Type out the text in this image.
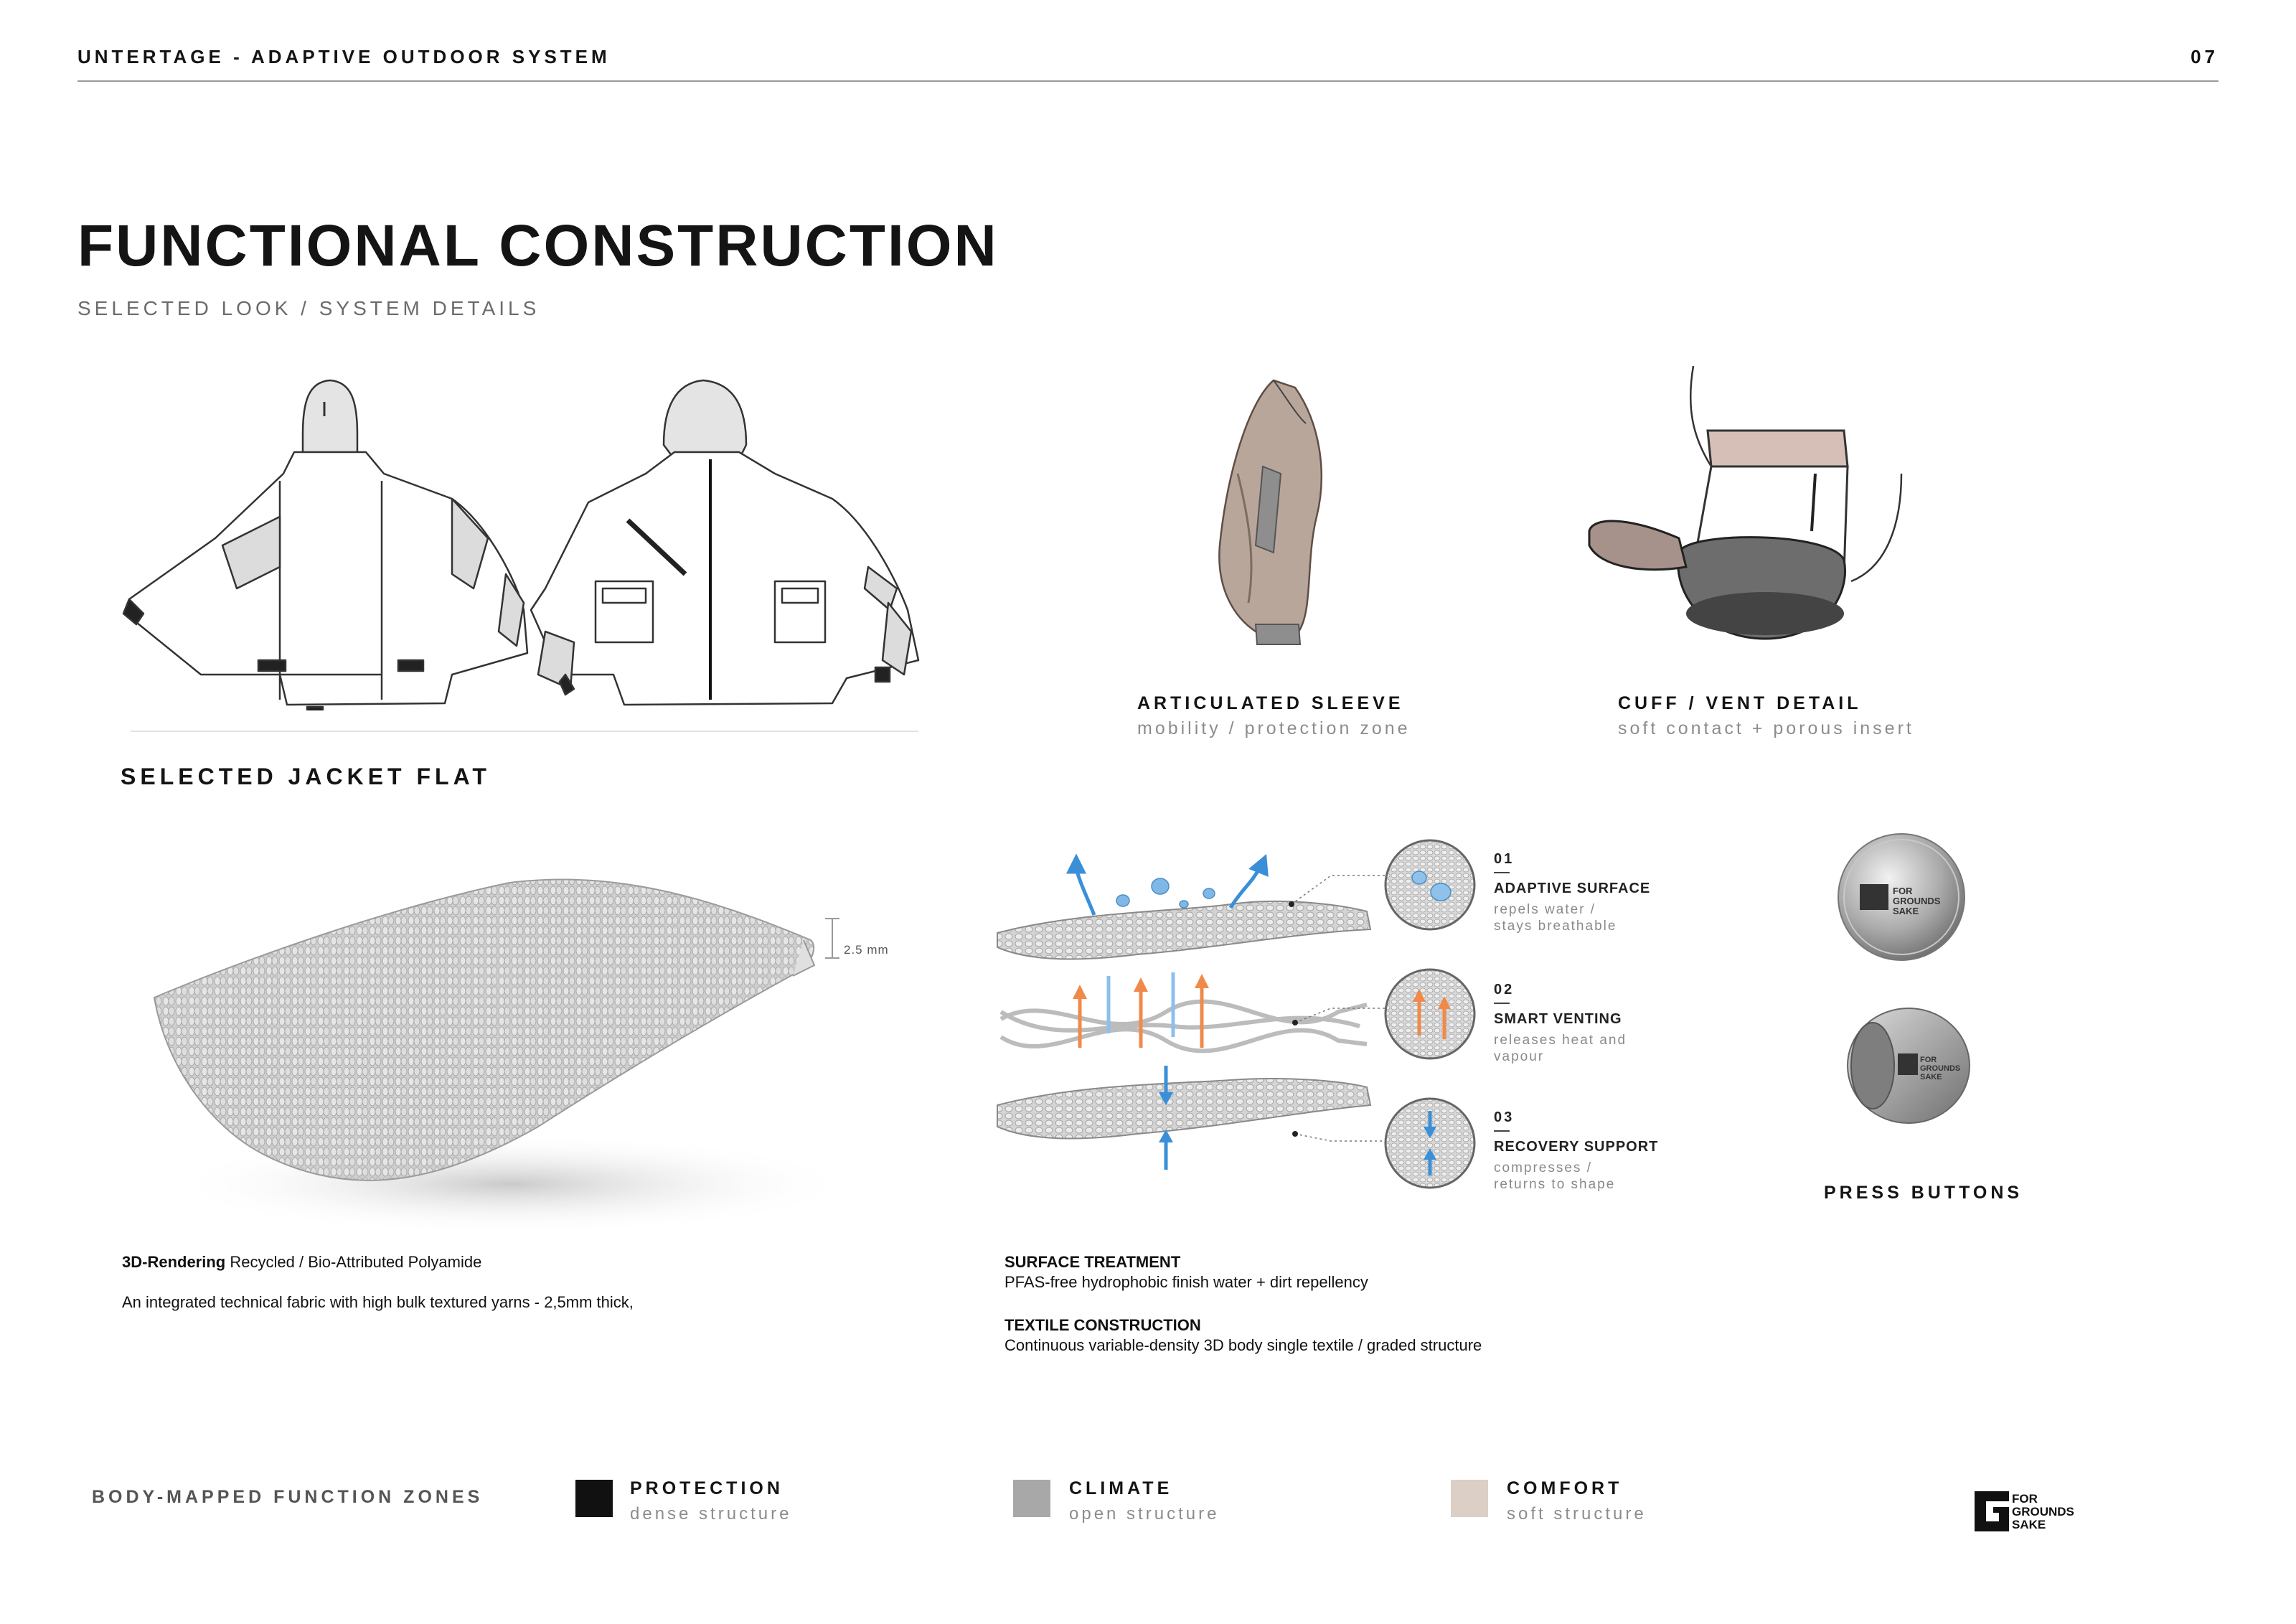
UNTERTAGE - ADAPTIVE OUTDOOR SYSTEM	07
FUNCTIONAL CONSTRUCTION
SELECTED LOOK / SYSTEM DETAILS
ARTICULATED SLEEVE
mobility / protection zone
CUFF / VENT DETAIL
soft contact + porous insert
SELECTED JACKET FLAT
2.5 mm
3D-Rendering Recycled / Bio-Attributed Polyamide
An integrated technical fabric with high bulk textured yarns - 2,5mm thick,
01
ADAPTIVE SURFACE
repels water /
stays breathable
02
SMART VENTING
releases heat and
vapour
03
RECOVERY SUPPORT
compresses /
returns to shape
SURFACE TREATMENT
PFAS-free hydrophobic finish water + dirt repellency
TEXTILE CONSTRUCTION
Continuous variable-density 3D body single textile / graded structure
FOR
GROUNDS
SAKE
FOR
GROUNDS
SAKE
PRESS BUTTONS
BODY-MAPPED FUNCTION ZONES	PROTECTION
dense structure
CLIMATE
open structure
COMFORT
soft structure
FOR
GROUNDS
SAKE
